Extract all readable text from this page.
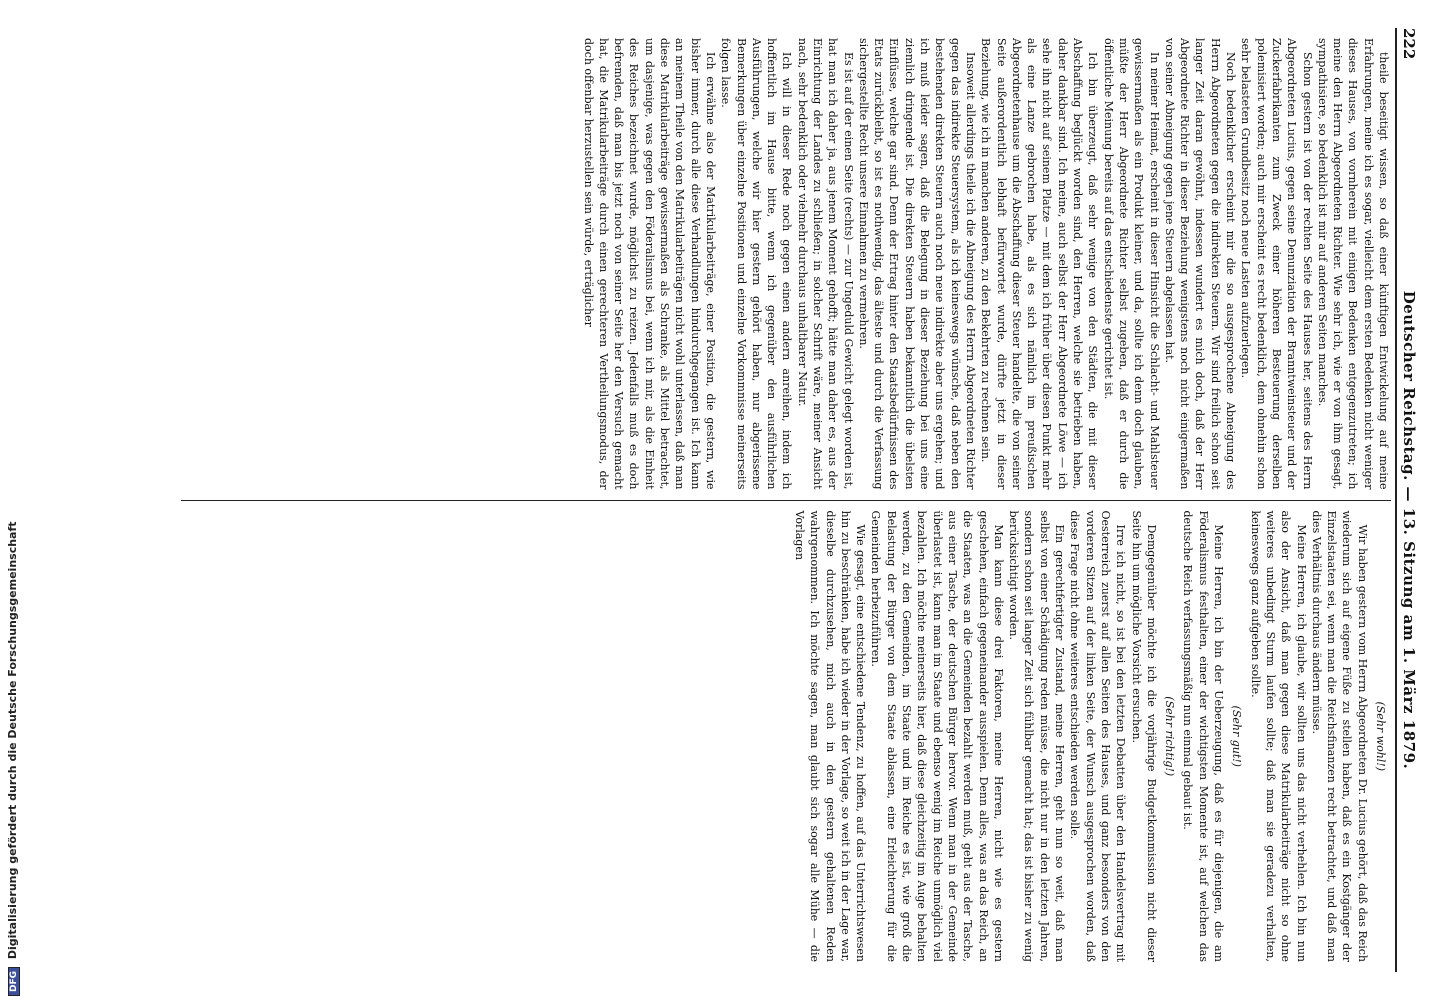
222
Deutscher Reichstag. — 13. Sitzung am 1. März 1879.

theile beseitigt wissen, so daß einer künftigen Entwickelung auf meine Erfahrungen, meine ich es sogar, vielleicht dem ersten Bedenken nicht weniger dieses Hauses, von vornherein mit einigen Bedenken entgegenzutreten; ich meine den Herrn Abgeordneten Richter. Wie sehr ich, wie er von ihm gesagt, sympathisiere, so bedenklich ist mir auf anderen Seiten manches.

Schon gestern ist von der rechten Seite des Hauses her, seitens des Herrn Abgeordneten Lucius, gegen seine Denunziation der Branntweinsteuer und der Zuckerfabrikanten zum Zweck einer höheren Besteuerung derselben polemisiert worden; auch mir erscheint es recht bedenklich, dem ohnehin schon sehr belasteten Grundbesitz noch neue Lasten aufzuerlegen.

Noch bedenklicher erscheint mir die so ausgesprochene Abneigung des Herrn Abgeordneten gegen die indirekten Steuern. Wir sind freilich schon seit langer Zeit daran gewöhnt, indessen wundert es mich doch, daß der Herr Abgeordnete Richter in dieser Beziehung wenigstens noch nicht einigermaßen von seiner Abneigung gegen jene Steuern abgelassen hat.

In meiner Heimat, erscheint in dieser Hinsicht die Schlacht- und Mahlsteuer gewissermaßen als ein Produkt kleiner, und da, sollte ich denn doch glauben, müßte der Herr Abgeordnete Richter selbst zugeben, daß er durch die öffentliche Meinung bereits auf das entschiedenste gerichtet ist.

Ich bin überzeugt, daß sehr wenige von den Städten, die mit dieser Abschaffung beglückt worden sind, den Herren, welche sie betrieben haben, daher dankbar sind. Ich meine, auch selbst der Herr Abgeordnete Löwe — ich sehe ihn nicht auf seinem Platze — mit dem ich früher über diesen Punkt mehr als eine Lanze gebrochen habe, als es sich nämlich im preußischen Abgeordnetenhause um die Abschaffung dieser Steuer handelte, die von seiner Seite außerordentlich lebhaft befürwortet wurde, dürfte jetzt in dieser Beziehung, wie ich in manchen anderen, zu den Bekehrten zu rechnen sein.

Insoweit allerdings theile ich die Abneigung des Herrn Abgeordneten Richter gegen das indirekte Steuersystem, als ich keineswegs wünsche, daß neben den bestehenden direkten Steuern auch noch neue indirekte aber uns ergehen; und ich muß leider sagen, daß die Belegung in dieser Beziehung bei uns eine ziemlich dringende ist. Die direkten Steuern haben bekanntlich die übelsten Einflüsse, welche gar sind. Denn der Ertrag hinter den Staatsbedürfnissen des Etats zurückbleibt, so ist es nothwendig, das älteste und durch die Verfassung sichergestellte Recht unsere Einnahmen zu vermehren.

Es ist auf der einen Seite (rechts) — zur Ungeduld Gewicht gelegt worden ist, hat man ich daher ja, aus jenem Moment gehofft; hätte man daher es, aus der Einrichtung der Landes zu schließen; in solcher Schrift wäre, meiner Ansicht nach, sehr bedenklich oder vielmehr durchaus unhaltbarer Natur.

Ich will in dieser Rede noch gegen einen andern anreihen, indem ich hoffentlich im Hause bitte, wenn ich gegenüber den ausführlichen Ausführungen, welche wir hier gestern gehört haben, nur abgerissene Bemerkungen über einzelne Positionen und einzelne Vorkommnisse meinerseits folgen lasse.

Ich erwähne also der Matrikularbeiträge, einer Position, die gestern, wie bisher immer, durch alle diese Verhandlungen hindurchgegangen ist. Ich kann an meinem Theile von den Matrikularbeiträgen nicht wohl unterlassen, daß man diese Matrikularbeiträge gewissermaßen als Schranke, als Mittel betrachtet, um dasjenige, was gegen den Föderalismus bei, wenn ich mir, als die Einheit des Reiches bezeichnet wurde, möglichst zu reizen. Jedenfalls muß es doch befremden, daß man bis jetzt noch von seiner Seite her den Versuch gemacht hat, die Matrikularbeiträge durch einen gerechteren Vertheilungsmodus, der doch offenbar herzustellen sein würde, erträglicher

(Sehr wohl!)

Wir haben gestern vom Herrn Abgeordneten Dr. Lucius gehört, daß das Reich wiederum sich auf eigene Füße zu stellen haben, daß es ein Kostgänger der Einzelstaaten sei, wenn man die Reichsfinanzen recht betrachtet, und daß man dies Verhältnis durchaus ändern müsse.

Meine Herren, ich glaube, wir sollten uns das nicht verhehlen. Ich bin nun also der Ansicht, daß man gegen diese Matrikularbeiträge nicht so ohne weiteres unbedingt Sturm laufen sollte; daß man sie geradezu verhalten, keineswegs ganz aufgeben sollte.

(Sehr gut!)

Meine Herren, ich bin der Ueberzeugung, daß es für diejenigen, die am Föderalismus festhalten, einer der wichtigsten Momente ist, auf welchen das deutsche Reich verfassungsmäßig nun einmal gebaut ist.

(Sehr richtig!)

Demgegenüber möchte ich die vorjährige Budgetkommission nicht dieser Seite hin um mögliche Vorsicht ersuchen.

Irre ich nicht, so ist bei den letzten Debatten über den Handelsvertrag mit Oesterreich zuerst auf allen Seiten des Hauses, und ganz besonders von den vorderen Sitzen auf der linken Seite, der Wunsch ausgesprochen worden, daß diese Frage nicht ohne weiteres entschieden werden solle.

Ein gerechtfertigter Zustand, meine Herren, geht nun so weit, daß man selbst von einer Schädigung reden müsse, die nicht nur in den letzten Jahren, sondern schon seit langer Zeit sich fühlbar gemacht hat; das ist bisher zu wenig berücksichtigt worden.

Man kann diese drei Faktoren, meine Herren, nicht wie es gestern geschehen, einfach gegeneinander ausspielen. Denn alles, was an das Reich, an die Staaten, was an die Gemeinden bezahlt werden muß, geht aus der Tasche, aus einer Tasche, der deutschen Bürger hervor. Wenn man in der Gemeinde überlastet ist, kann man im Staate und ebenso wenig im Reiche unmöglich viel bezahlen. Ich möchte meinerseits hier, daß diese gleichzeitig im Auge behalten werden, zu den Gemeinden, im Staate und im Reiche es ist, wie groß die Belastung der Bürger von dem Staate ablassen, eine Erleichterung für die Gemeinden herbeizuführen.

Wie gesagt, eine entschiedene Tendenz, zu hoffen, auf das Unterrichtswesen hin zu beschränken, habe ich wieder in der Vorlage, so weit ich in der Lage war, dieselbe durchzusehen, mich auch in den gestern gehaltenen Reden wahrgenommen. Ich möchte sagen, man glaubt sich sogar alle Mühe — die Vorlagen

DFG Digitalisierung gefördert durch die Deutsche Forschungsgemeinschaft
